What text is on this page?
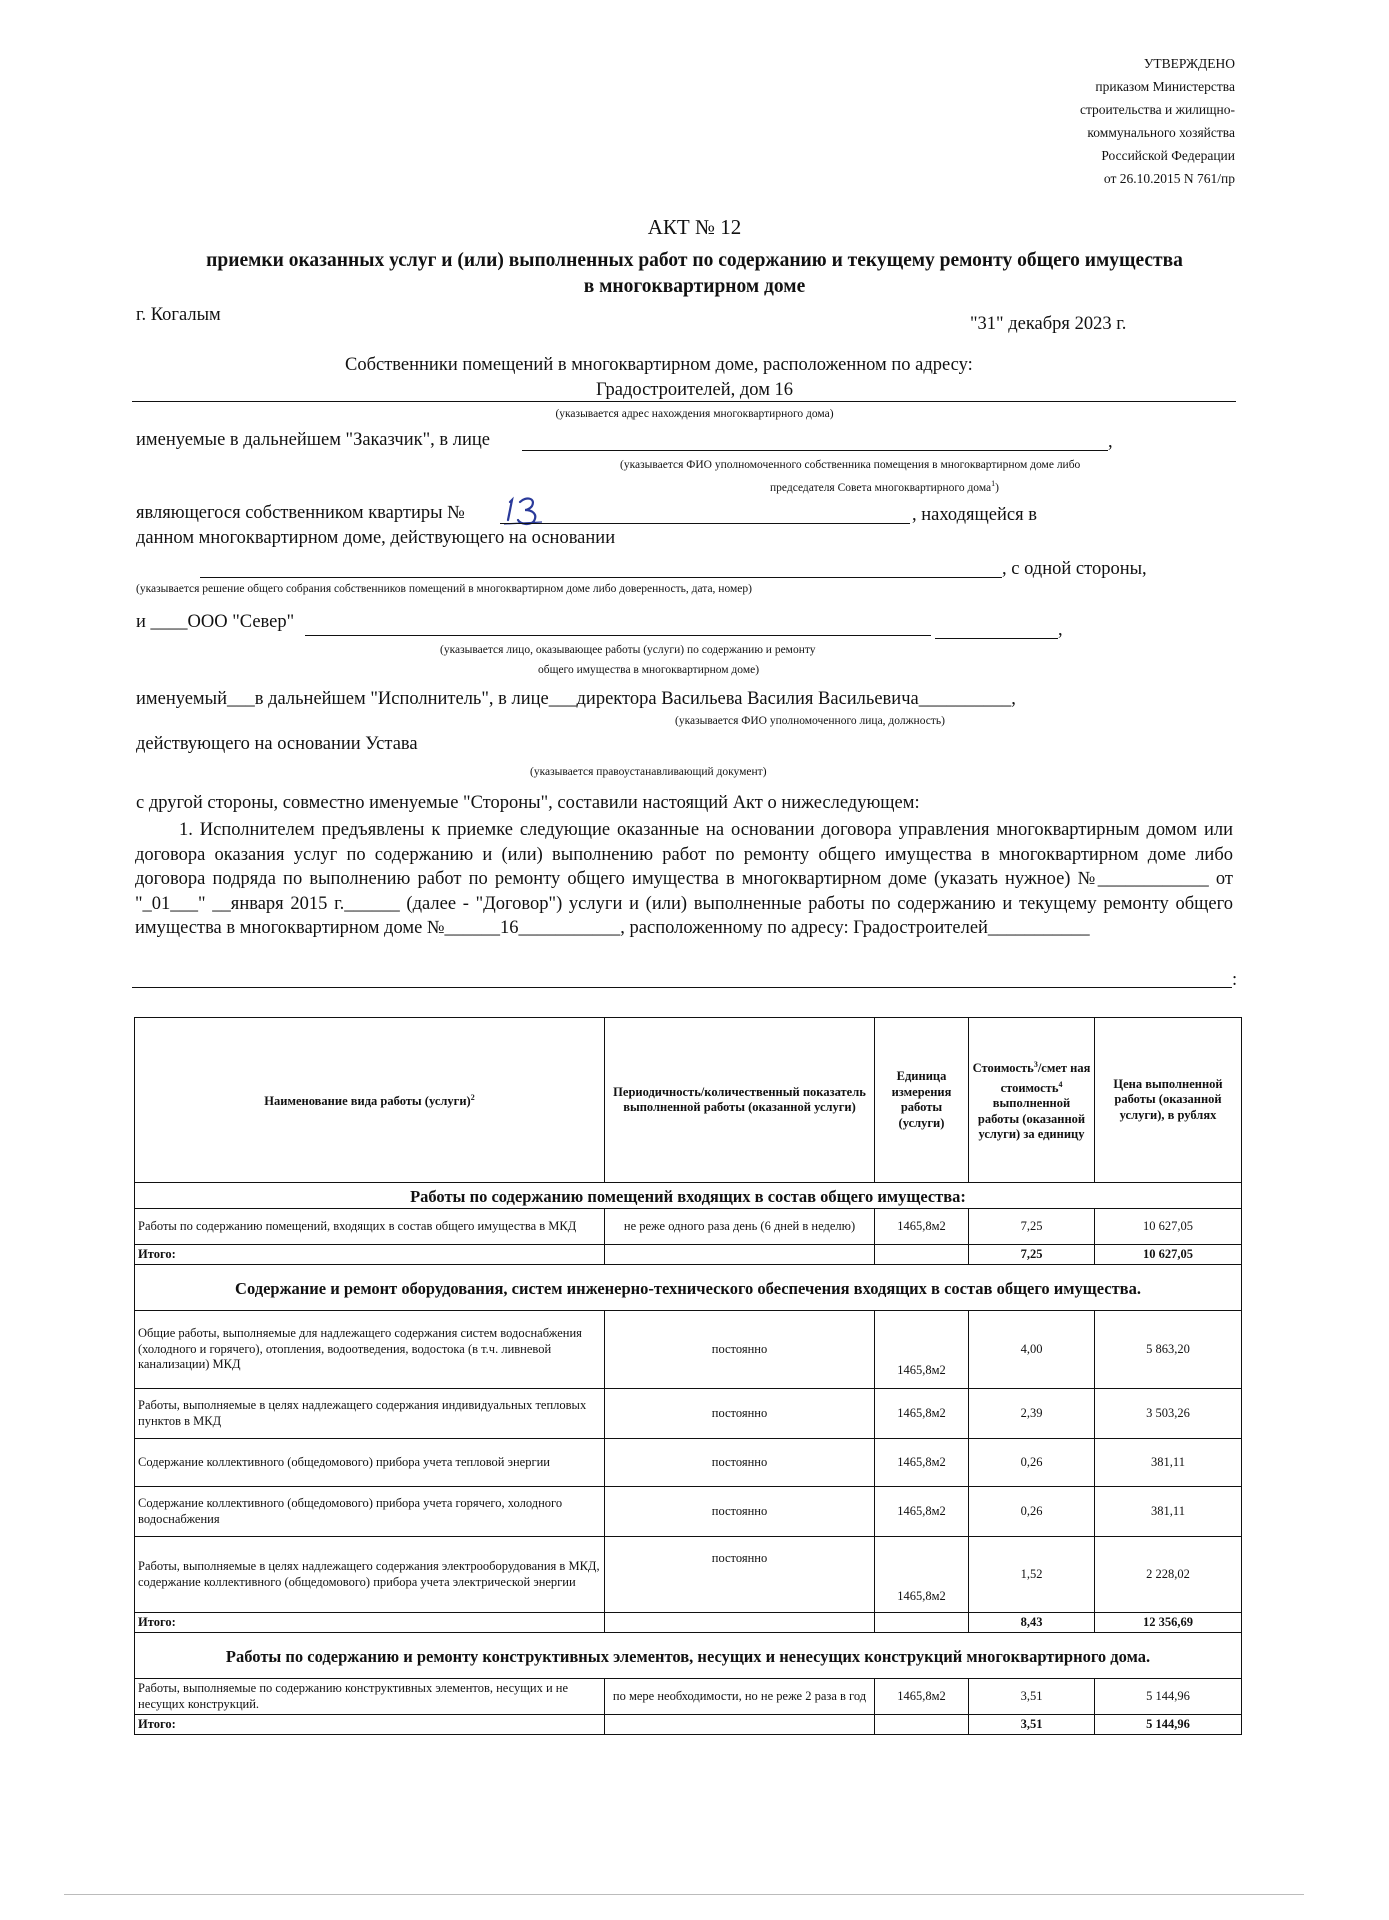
УТВЕРЖДЕНО
приказом Министерства
строительства и жилищно-
коммунального хозяйства
Российской Федерации
от 26.10.2015 N 761/пр
АКТ № 12
приемки оказанных услуг и (или) выполненных работ по содержанию и текущему ремонту общего имущества
в многоквартирном доме
г. Когалым	"31" декабря 2023 г.
Собственники помещений в многоквартирном доме, расположенном по адресу:
Градостроителей, дом 16
(указывается адрес нахождения многоквартирного дома)
именуемые в дальнейшем "Заказчик", в лице	,
(указывается ФИО уполномоченного собственника помещения в многоквартирном доме либо
председателя Совета многоквартирного дома$^1$)
являющегося собственником квартиры №	, находящейся в
данном многоквартирном доме, действующего на основании
, с одной стороны,
(указывается решение общего собрания собственников помещений в многоквартирном доме либо доверенность, дата, номер)
и ____ООО "Север"	,
(указывается лицо, оказывающее работы (услуги) по содержанию и ремонту
общего имущества в многоквартирном доме)
именуемый___в дальнейшем "Исполнитель", в лице___директора Васильева Василия Васильевича__________,
(указывается ФИО уполномоченного лица, должность)
действующего на основании Устава
(указывается правоустанавливающий документ)
с другой стороны, совместно именуемые "Стороны", составили настоящий Акт о нижеследующем:
1. Исполнителем предъявлены к приемке следующие оказанные на основании договора управления многоквартирным домом или договора оказания услуг по содержанию и (или) выполнению работ по ремонту общего имущества в многоквартирном доме либо договора подряда по выполнению работ по ремонту общего имущества в многоквартирном доме (указать нужное) №____________ от "_01___" __января 2015 г.______ (далее - "Договор") услуги и (или) выполненные работы по содержанию и текущему ремонту общего имущества в многоквартирном доме №______16___________, расположенному по адресу: Градостроителей___________
:
Наименование вида работы (услуги)$^2$	Периодичность/количественный показатель выполненной работы (оказанной услуги)	Единица измерения работы (услуги)	Стоимость$^3$/смет ная стоимость$^4$ выполненной работы (оказанной услуги) за единицу	Цена выполненной работы (оказанной услуги), в рублях
Работы по содержанию помещений входящих в состав общего имущества:				
Работы по содержанию помещений, входящих в состав общего имущества в МКД	не реже одного раза день (6 дней в неделю)	1465,8м2	7,25	10 627,05
Итого:			7,25	10 627,05
Содержание и ремонт оборудования, систем инженерно-технического обеспечения входящих в состав общего имущества.				
Общие работы, выполняемые для надлежащего содержания систем водоснабжения (холодного и горячего), отопления, водоотведения, водостока (в т.ч. ливневой канализации) МКД	постоянно	1465,8м2	4,00	5 863,20
Работы, выполняемые в целях надлежащего содержания индивидуальных тепловых пунктов в МКД	постоянно	1465,8м2	2,39	3 503,26
Содержание коллективного (общедомового) прибора учета тепловой энергии	постоянно	1465,8м2	0,26	381,11
Содержание коллективного (общедомового) прибора учета горячего, холодного водоснабжения	постоянно	1465,8м2	0,26	381,11
Работы, выполняемые в целях надлежащего содержания электрооборудования в МКД, содержание коллективного (общедомового) прибора учета электрической энергии	постоянно	1465,8м2	1,52	2 228,02
Итого:			8,43	12 356,69
Работы по содержанию и ремонту конструктивных элементов, несущих и ненесущих конструкций многоквартирного дома.				
Работы, выполняемые по содержанию конструктивных элементов, несущих и не несущих конструкций.	по мере необходимости, но не реже 2 раза в год	1465,8м2	3,51	5 144,96
Итого:			3,51	5 144,96
